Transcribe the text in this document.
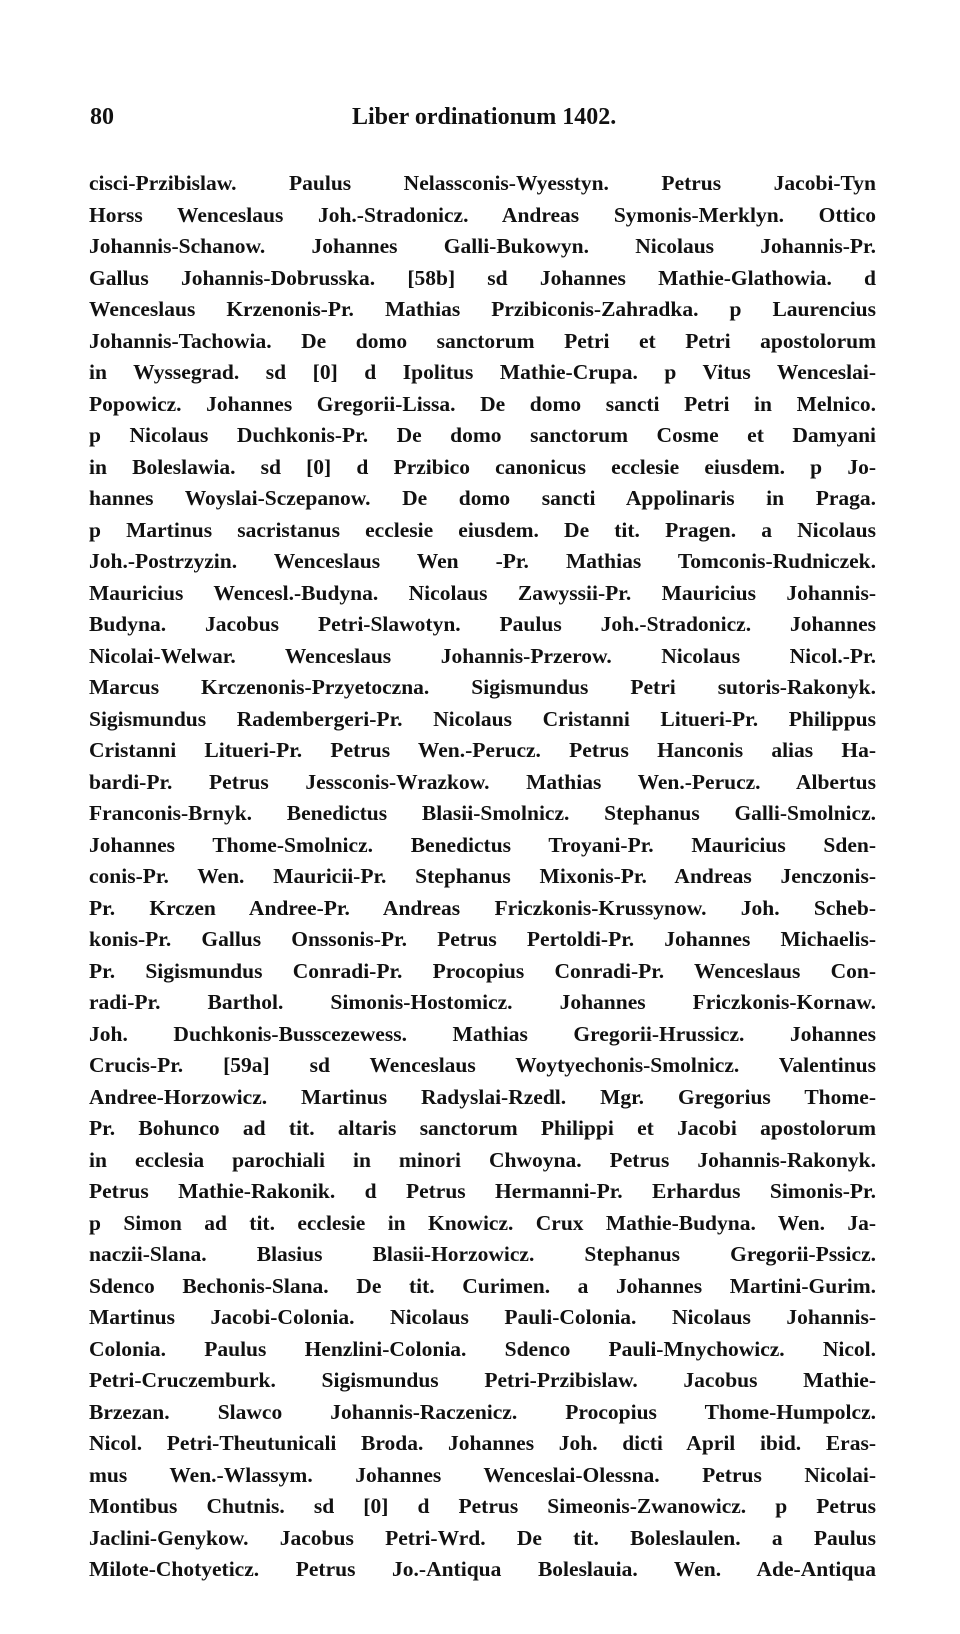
80	Liber ordinationum 1402.
cisci-Przibislaw. Paulus Nelassconis-Wyesstyn. Petrus Jacobi-Tyn
Horss Wenceslaus Joh.-Stradonicz. Andreas Symonis-Merklyn. Ottico
Johannis-Schanow. Johannes Galli-Bukowyn. Nicolaus Johannis-Pr.
Gallus Johannis-Dobrusska. [58b] sd Johannes Mathie-Glathowia. d
Wenceslaus Krzenonis-Pr. Mathias Przibiconis-Zahradka. p Laurencius
Johannis-Tachowia. De domo sanctorum Petri et Petri apostolorum
in Wyssegrad. sd [0] d Ipolitus Mathie-Crupa. p Vitus Wenceslai-
Popowicz. Johannes Gregorii-Lissa. De domo sancti Petri in Melnico.
p Nicolaus Duchkonis-Pr. De domo sanctorum Cosme et Damyani
in Boleslawia. sd [0] d Przibico canonicus ecclesie eiusdem. p Jo-
hannes Woyslai-Sczepanow. De domo sancti Appolinaris in Praga.
p Martinus sacristanus ecclesie eiusdem. De tit. Pragen. a Nicolaus
Joh.-Postrzyzin. Wenceslaus Wen -Pr. Mathias Tomconis-Rudniczek.
Mauricius Wencesl.-Budyna. Nicolaus Zawyssii-Pr. Mauricius Johannis-
Budyna. Jacobus Petri-Slawotyn. Paulus Joh.-Stradonicz. Johannes
Nicolai-Welwar. Wenceslaus Johannis-Przerow. Nicolaus Nicol.-Pr.
Marcus Krczenonis-Przyetoczna. Sigismundus Petri sutoris-Rakonyk.
Sigismundus Radembergeri-Pr. Nicolaus Cristanni Litueri-Pr. Philippus
Cristanni Litueri-Pr. Petrus Wen.-Perucz. Petrus Hanconis alias Ha-
bardi-Pr. Petrus Jessconis-Wrazkow. Mathias Wen.-Perucz. Albertus
Franconis-Brnyk. Benedictus Blasii-Smolnicz. Stephanus Galli-Smolnicz.
Johannes Thome-Smolnicz. Benedictus Troyani-Pr. Mauricius Sden-
conis-Pr. Wen. Mauricii-Pr. Stephanus Mixonis-Pr. Andreas Jenczonis-
Pr. Krczen Andree-Pr. Andreas Friczkonis-Krussynow. Joh. Scheb-
konis-Pr. Gallus Onssonis-Pr. Petrus Pertoldi-Pr. Johannes Michaelis-
Pr. Sigismundus Conradi-Pr. Procopius Conradi-Pr. Wenceslaus Con-
radi-Pr. Barthol. Simonis-Hostomicz. Johannes Friczkonis-Kornaw.
Joh. Duchkonis-Busscezewess. Mathias Gregorii-Hrussicz. Johannes
Crucis-Pr. [59a] sd Wenceslaus Woytyechonis-Smolnicz. Valentinus
Andree-Horzowicz. Martinus Radyslai-Rzedl. Mgr. Gregorius Thome-
Pr. Bohunco ad tit. altaris sanctorum Philippi et Jacobi apostolorum
in ecclesia parochiali in minori Chwoyna. Petrus Johannis-Rakonyk.
Petrus Mathie-Rakonik. d Petrus Hermanni-Pr. Erhardus Simonis-Pr.
p Simon ad tit. ecclesie in Knowicz. Crux Mathie-Budyna. Wen. Ja-
naczii-Slana. Blasius Blasii-Horzowicz. Stephanus Gregorii-Pssicz.
Sdenco Bechonis-Slana. De tit. Curimen. a Johannes Martini-Gurim.
Martinus Jacobi-Colonia. Nicolaus Pauli-Colonia. Nicolaus Johannis-
Colonia. Paulus Henzlini-Colonia. Sdenco Pauli-Mnychowicz. Nicol.
Petri-Cruczemburk. Sigismundus Petri-Przibislaw. Jacobus Mathie-
Brzezan. Slawco Johannis-Raczenicz. Procopius Thome-Humpolcz.
Nicol. Petri-Theutunicali Broda. Johannes Joh. dicti April ibid. Eras-
mus Wen.-Wlassym. Johannes Wenceslai-Olessna. Petrus Nicolai-
Montibus Chutnis. sd [0] d Petrus Simeonis-Zwanowicz. p Petrus
Jaclini-Genykow. Jacobus Petri-Wrd. De tit. Boleslaulen. a Paulus
Milote-Chotyeticz. Petrus Jo.-Antiqua Boleslauia. Wen. Ade-Antiqua
